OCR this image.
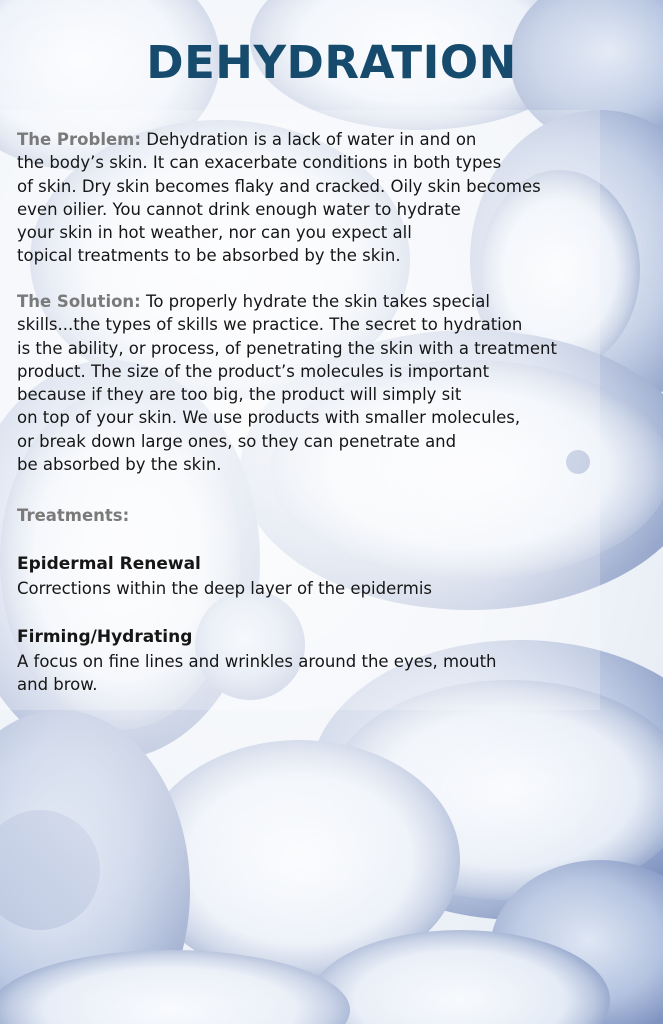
DEHYDRATION

The Problem: Dehydration is a lack of water in and on
the body’s skin. It can exacerbate conditions in both types
of skin. Dry skin becomes flaky and cracked. Oily skin becomes
even oilier. You cannot drink enough water to hydrate
your skin in hot weather, nor can you expect all
topical treatments to be absorbed by the skin.

The Solution: To properly hydrate the skin takes special
skills...the types of skills we practice. The secret to hydration
is the ability, or process, of penetrating the skin with a treatment
product. The size of the product’s molecules is important
because if they are too big, the product will simply sit
on top of your skin. We use products with smaller molecules,
or break down large ones, so they can penetrate and
be absorbed by the skin.

Treatments:

Epidermal Renewal

Corrections within the deep layer of the epidermis

Firming/Hydrating

A focus on fine lines and wrinkles around the eyes, mouth
and brow.
